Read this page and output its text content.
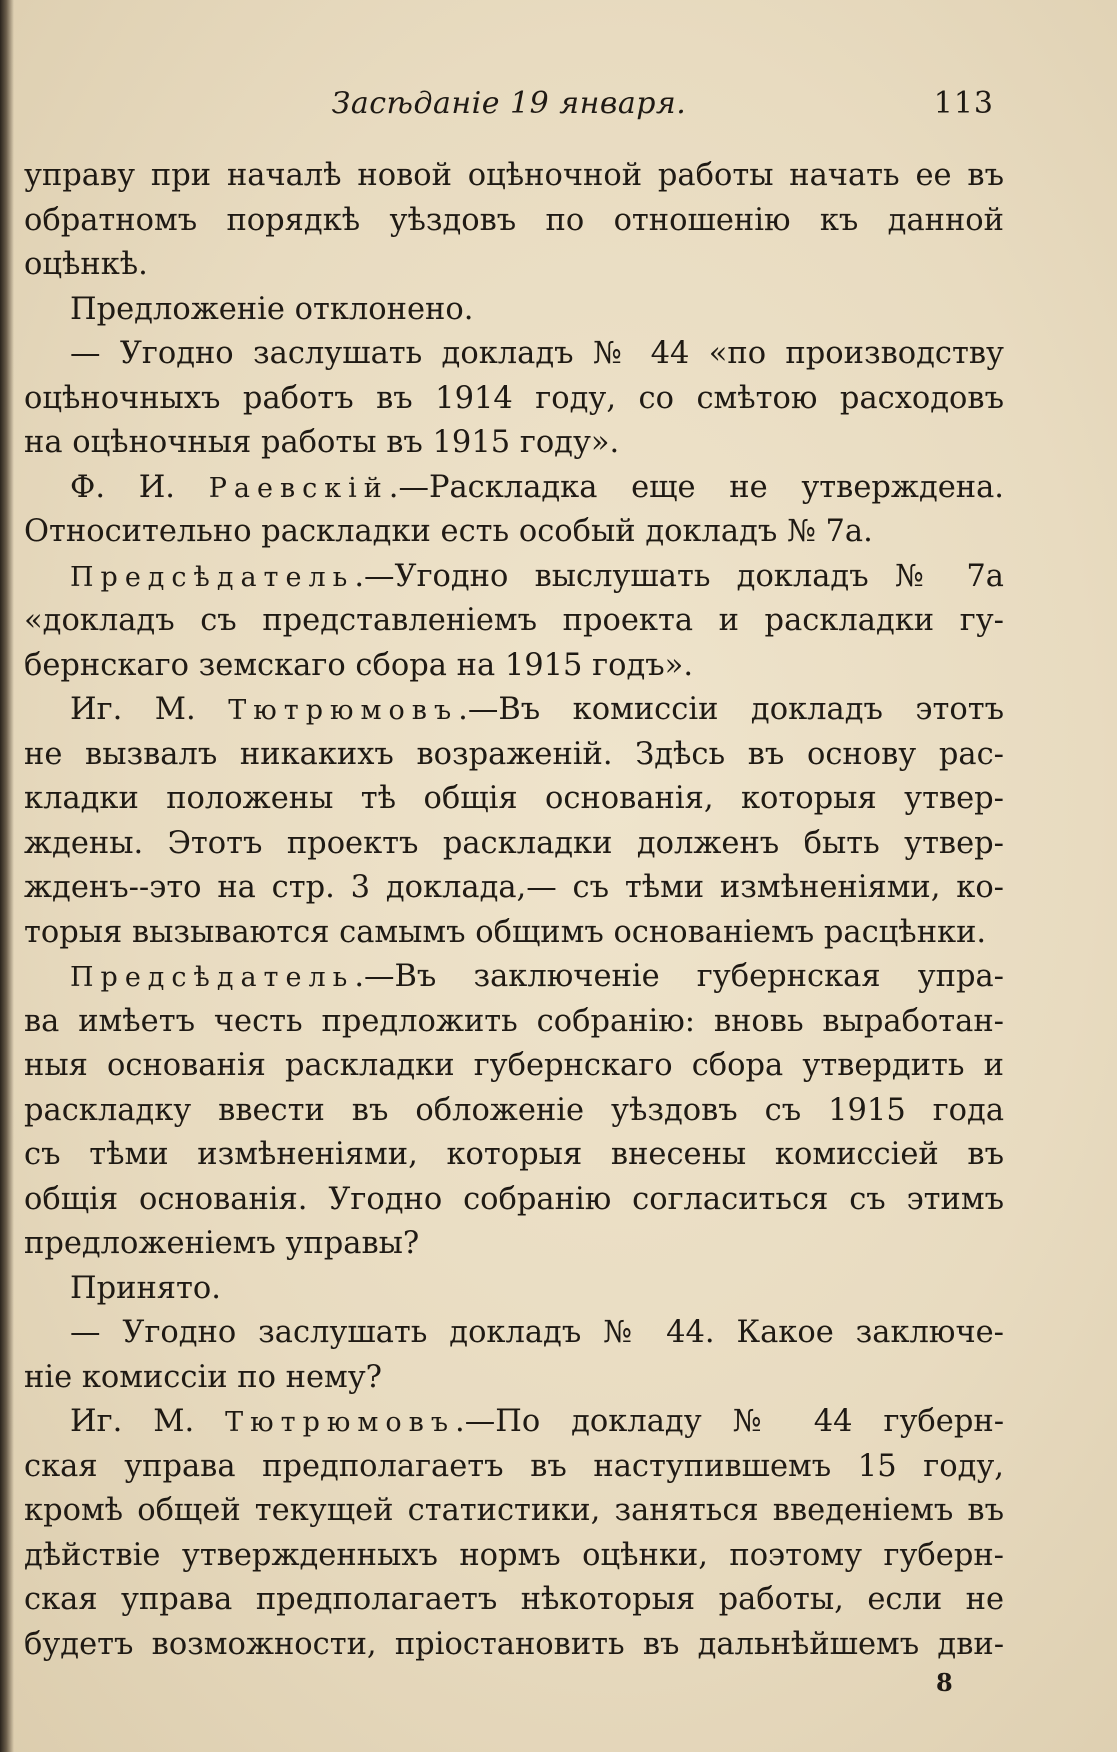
Засѣданіе 19 января.	113
управу при началѣ новой оцѣночной работы начать ее въ
обратномъ порядкѣ уѣздовъ по отношенію къ данной
оцѣнкѣ.
Предложеніе отклонено.
— Угодно заслушать докладъ № 44 «по производству
оцѣночныхъ работъ въ 1914 году, со смѣтою расходовъ
на оцѣночныя работы въ 1915 году».
Ф. И. Раевскій.—Раскладка еще не утверждена.
Относительно раскладки есть особый докладъ № 7а.
Предсѣдатель.—Угодно выслушать докладъ № 7а
«докладъ съ представленіемъ проекта и раскладки гу-
бернскаго земскаго сбора на 1915 годъ».
Иг. М. Тютрюмовъ.—Въ комиссіи докладъ этотъ
не вызвалъ никакихъ возраженій. Здѣсь въ основу рас-
кладки положены тѣ общія основанія, которыя утвер-
ждены. Этотъ проектъ раскладки долженъ быть утвер-
жденъ--это на стр. 3 доклада,— съ тѣми измѣненіями, ко-
торыя вызываются самымъ общимъ основаніемъ расцѣнки.
Предсѣдатель.—Въ заключеніе губернская упра-
ва имѣетъ честь предложить собранію: вновь выработан-
ныя основанія раскладки губернскаго сбора утвердить и
раскладку ввести въ обложеніе уѣздовъ съ 1915 года
съ тѣми измѣненіями, которыя внесены комиссіей въ
общія основанія. Угодно собранію согласиться съ этимъ
предложеніемъ управы?
Принято.
— Угодно заслушать докладъ № 44. Какое заключе-
ніе комиссіи по нему?
Иг. М. Тютрюмовъ.—По докладу № 44 губерн-
ская управа предполагаетъ въ наступившемъ 15 году,
кромѣ общей текущей статистики, заняться введеніемъ въ
дѣйствіе утвержденныхъ нормъ оцѣнки, поэтому губерн-
ская управа предполагаетъ нѣкоторыя работы, если не
будетъ возможности, пріостановить въ дальнѣйшемъ дви-
8
